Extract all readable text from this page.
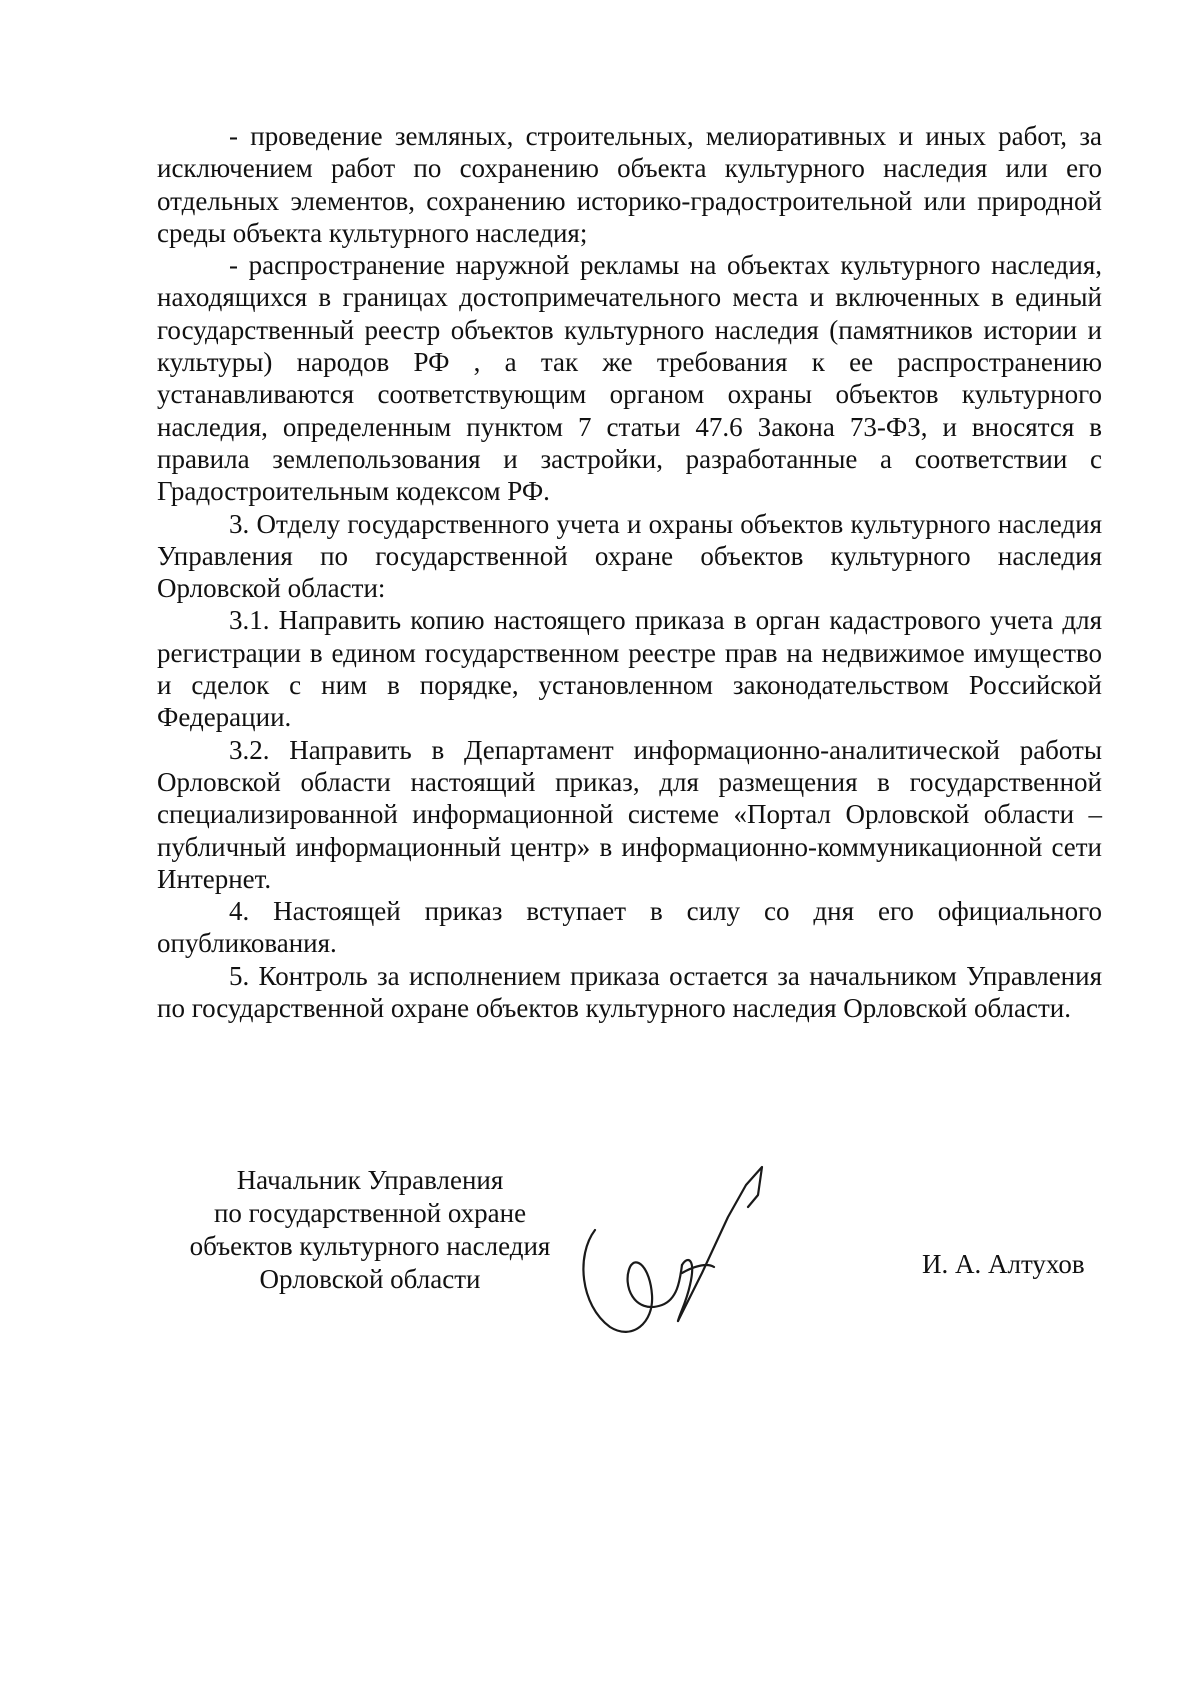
- проведение земляных, строительных, мелиоративных и иных работ, за исключением работ по сохранению объекта культурного наследия или его отдельных элементов, сохранению историко-градостроительной или природной среды объекта культурного наследия;

- распространение наружной рекламы на объектах культурного наследия, находящихся в границах достопримечательного места и включенных в единый государственный реестр объектов культурного наследия (памятников истории и культуры) народов РФ , а так же требования к ее распространению устанавливаются соответствующим органом охраны объектов культурного наследия, определенным пунктом 7 статьи 47.6 Закона 73-ФЗ, и вносятся в правила землепользования и застройки, разработанные а соответствии с Градостроительным кодексом РФ.

3. Отделу государственного учета и охраны объектов культурного наследия Управления по государственной охране объектов культурного наследия Орловской области:

3.1. Направить копию настоящего приказа в орган кадастрового учета для регистрации в едином государственном реестре прав на недвижимое имущество и сделок с ним в порядке, установленном законодательством Российской Федерации.

3.2. Направить в Департамент информационно-аналитической работы Орловской области настоящий приказ, для размещения в государственной специализированной информационной системе «Портал Орловской области – публичный информационный центр» в информационно-коммуникационной сети Интернет.

4. Настоящей приказ вступает в силу со дня его официального опубликования.

5. Контроль за исполнением приказа остается за начальником Управления по государственной охране объектов культурного наследия Орловской области.

Начальник Управления
по государственной охране
объектов культурного наследия
Орловской области	И. А. Алтухов
